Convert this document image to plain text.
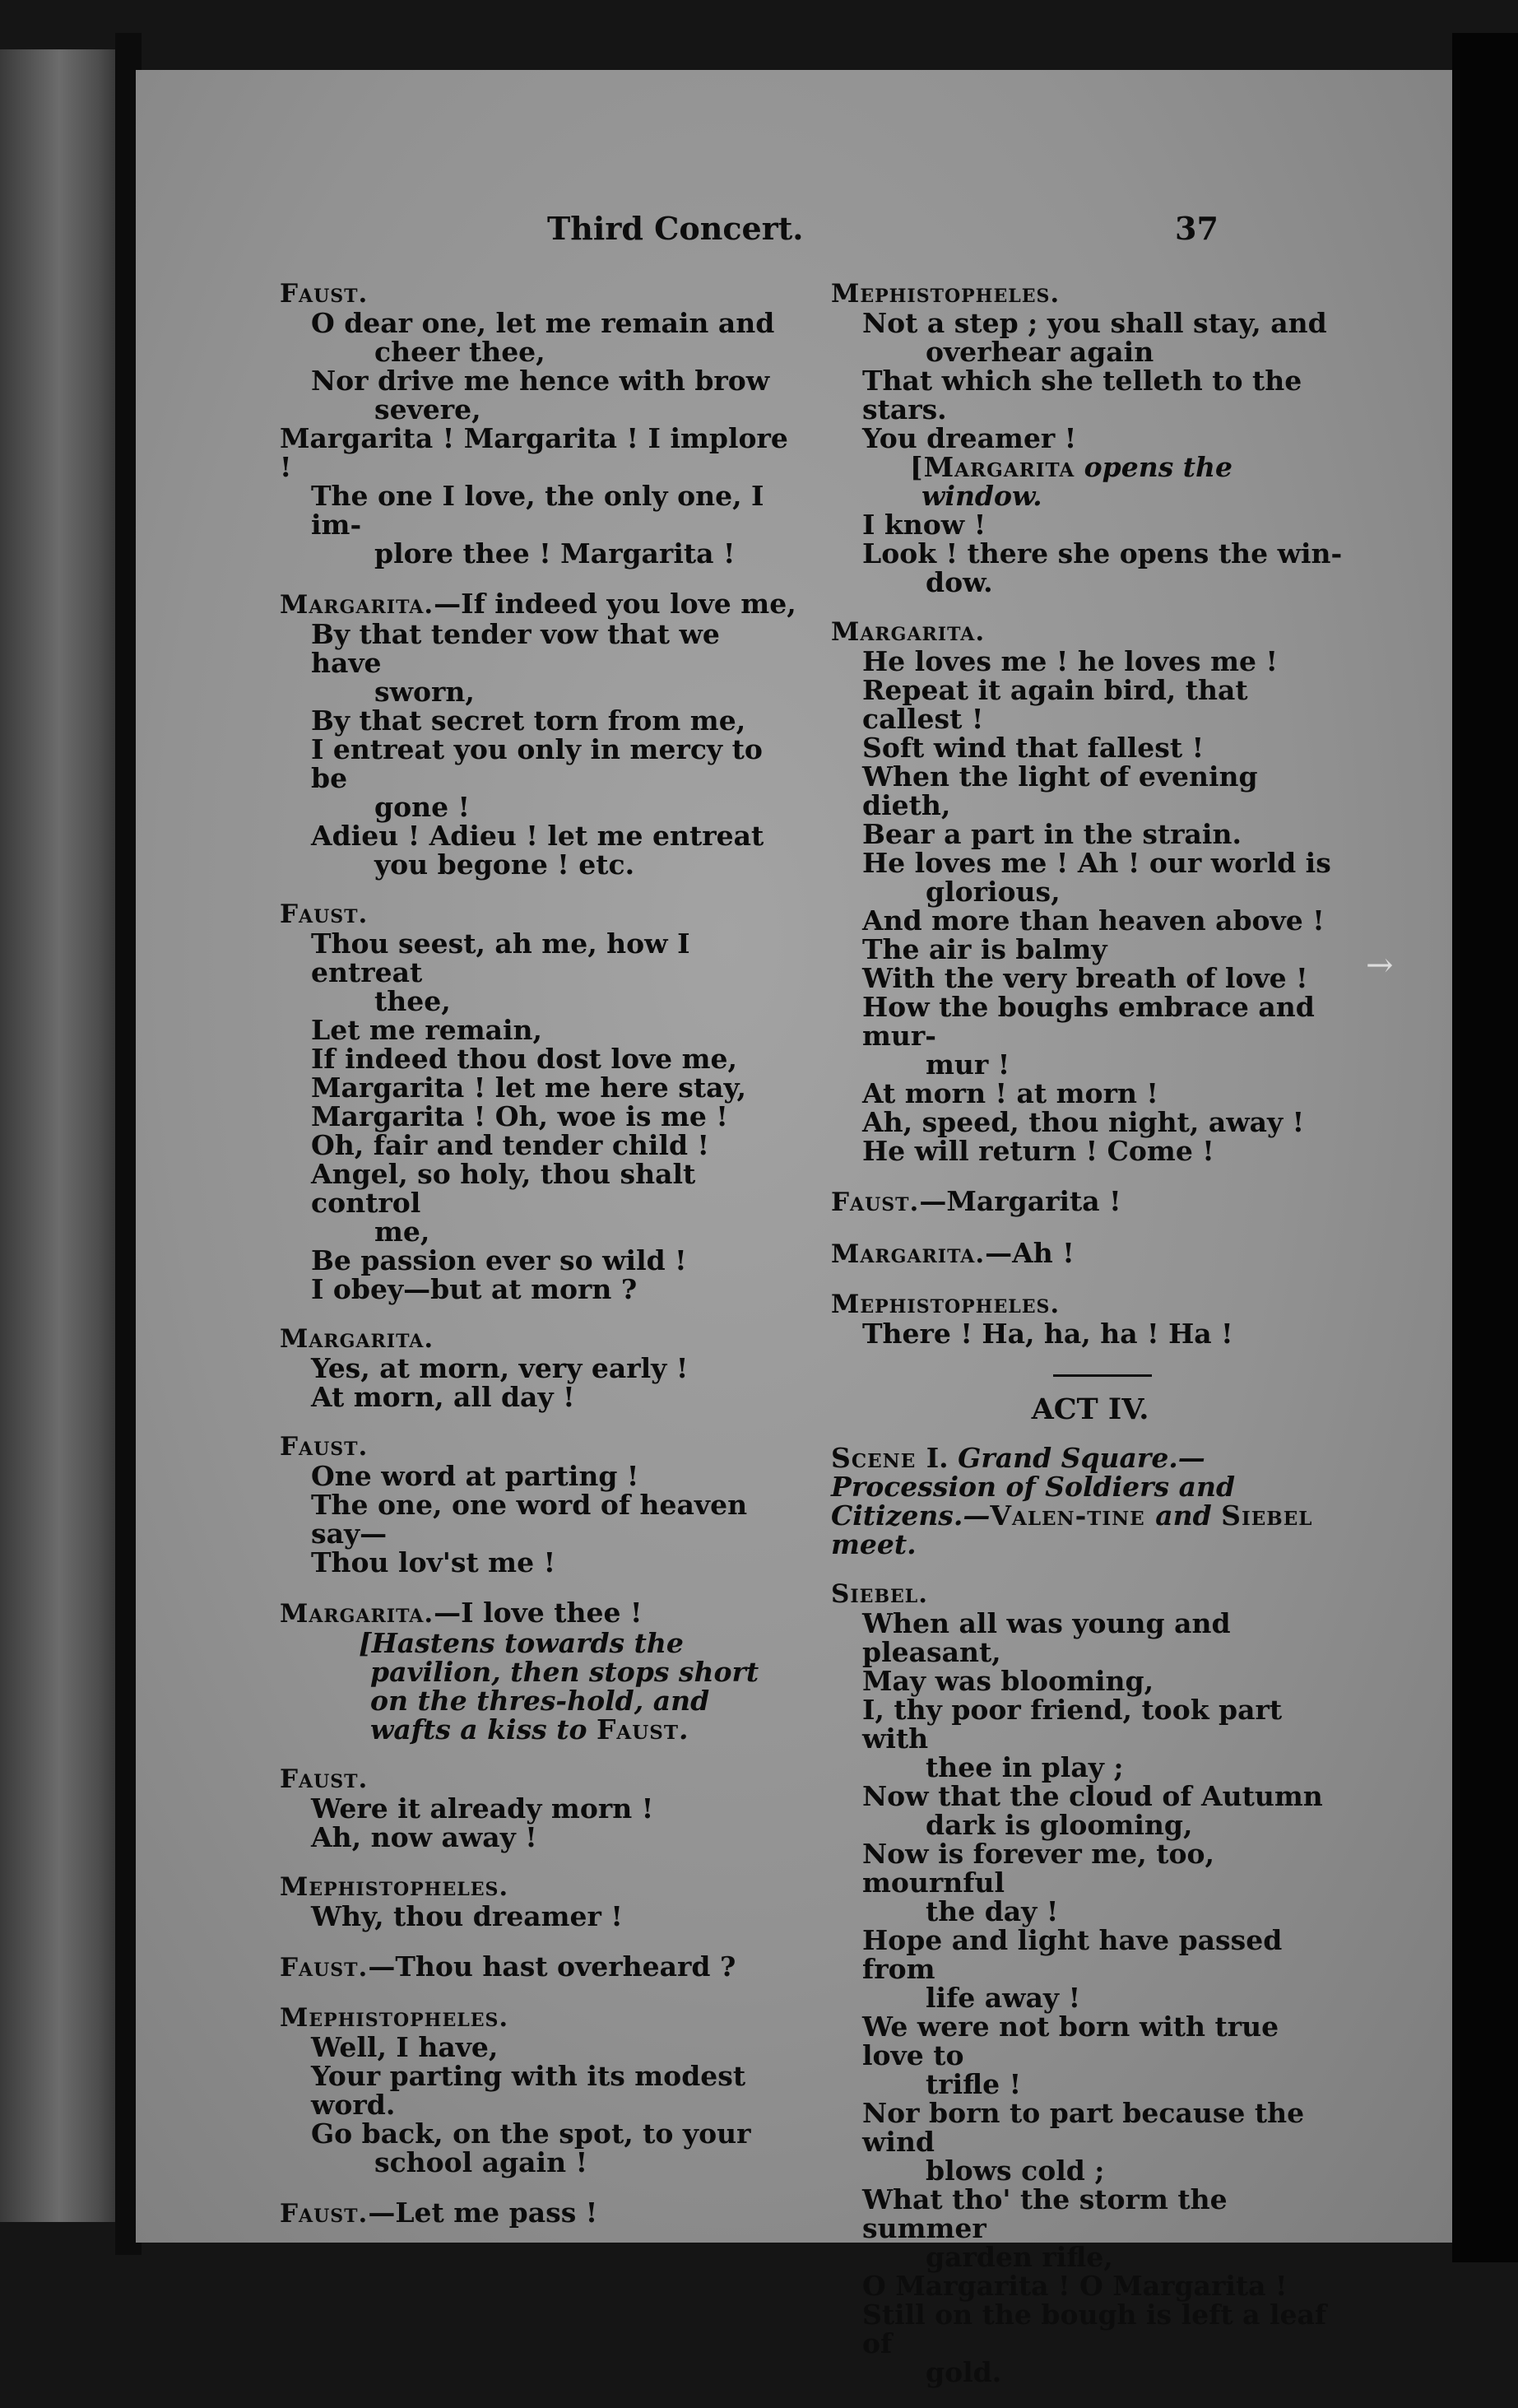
Third Concert.	37
Faust.
O dear one, let me remain and
cheer thee,
Nor drive me hence with brow
severe,
Margarita ! Margarita ! I implore !
The one I love, the only one, I im-
plore thee ! Margarita !
Margarita.—If indeed you love me,
By that tender vow that we have
sworn,
By that secret torn from me,
I entreat you only in mercy to be
gone !
Adieu ! Adieu ! let me entreat
you begone ! etc.
Faust.
Thou seest, ah me, how I entreat
thee,
Let me remain,
If indeed thou dost love me,
Margarita ! let me here stay,
Margarita ! Oh, woe is me !
Oh, fair and tender child !
Angel, so holy, thou shalt control
me,
Be passion ever so wild !
I obey—but at morn ?
Margarita.
Yes, at morn, very early !
At morn, all day !
Faust.
One word at parting !
The one, one word of heaven say—
Thou lov'st me !
Margarita.—I love thee !
[Hastens towards the pavilion, then stops short on the thres-hold, and wafts a kiss to Faust.
Faust.
Were it already morn !
Ah, now away !
Mephistopheles.
Why, thou dreamer !
Faust.—Thou hast overheard ?
Mephistopheles.
Well, I have,
Your parting with its modest word.
Go back, on the spot, to your
school again !
Faust.—Let me pass !
Mephistopheles.
Not a step ; you shall stay, and
overhear again
That which she telleth to the stars.
You dreamer !
[Margarita opens the window.
I know !
Look ! there she opens the win-
dow.
Margarita.
He loves me ! he loves me !
Repeat it again bird, that callest !
Soft wind that fallest !
When the light of evening dieth,
Bear a part in the strain.
He loves me ! Ah ! our world is
glorious,
And more than heaven above !
The air is balmy
With the very breath of love !
How the boughs embrace and mur-
mur !
At morn ! at morn !
Ah, speed, thou night, away !
He will return ! Come !
Faust.—Margarita !
Margarita.—Ah !
Mephistopheles.
There ! Ha, ha, ha ! Ha !
ACT IV.
Scene I. Grand Square.—Procession of Soldiers and Citizens.—Valen-tine and Siebel meet.
Siebel.
When all was young and pleasant,
May was blooming,
I, thy poor friend, took part with
thee in play ;
Now that the cloud of Autumn
dark is glooming,
Now is forever me, too, mournful
the day !
Hope and light have passed from
life away !
We were not born with true love to
trifle !
Nor born to part because the wind
blows cold ;
What tho' the storm the summer
garden rifle,
O Margarita ! O Margarita !
Still on the bough is left a leaf of
gold.
→
